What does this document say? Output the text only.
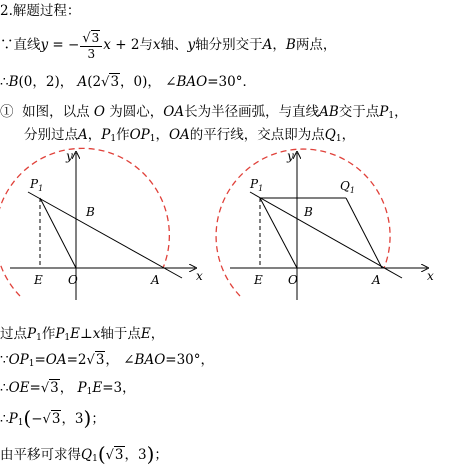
2.解题过程：
∵直线y = − $\frac{√3}{3}$ x + 2与x轴、y轴分别交于A，B两点，
∴B(0，2)， A(2√3，0)， ∠BAO=30°．
① 如图，以点 O 为圆心，OA长为半径画弧，与直线AB交于点$P_1$，
分别过点A，$P_1$作$OP_1$，OA的平行线，交点即为点$Q_1$，
$P_1$
y
B
E O	A	x
$P_1$	$Q_1$
y
B
E O	A	x
过点$P_1$作$P_1E\perp x$轴于点E，
$\because OP_1=OA=2√3$， ∠BAO=30°，
∴OE=√3， $P_1E=3$，
$\therefore P_1(-√3$，3)；
由平移可求得$Q_1(√3$，3)；
